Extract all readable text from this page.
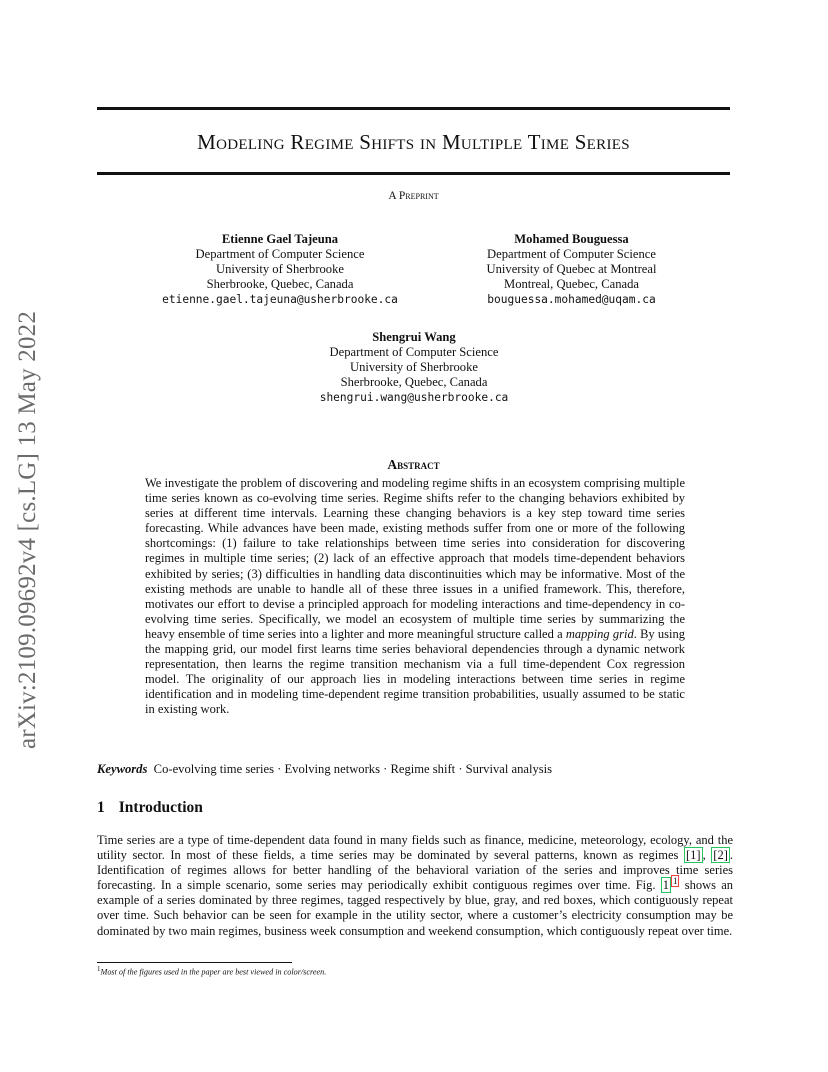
arXiv:2109.09692v4 [cs.LG] 13 May 2022
Modeling Regime Shifts in Multiple Time Series
A Preprint
Etienne Gael Tajeuna
Department of Computer Science
University of Sherbrooke
Sherbrooke, Quebec, Canada
etienne.gael.tajeuna@usherbrooke.ca
Mohamed Bouguessa
Department of Computer Science
University of Quebec at Montreal
Montreal, Quebec, Canada
bouguessa.mohamed@uqam.ca
Shengrui Wang
Department of Computer Science
University of Sherbrooke
Sherbrooke, Quebec, Canada
shengrui.wang@usherbrooke.ca
Abstract
We investigate the problem of discovering and modeling regime shifts in an ecosystem comprising multiple time series known as co-evolving time series. Regime shifts refer to the changing behaviors exhibited by series at different time intervals. Learning these changing behaviors is a key step toward time series forecasting. While advances have been made, existing methods suffer from one or more of the following shortcomings: (1) failure to take relationships between time series into consideration for discovering regimes in multiple time series; (2) lack of an effective approach that models time-dependent behaviors exhibited by series; (3) difficulties in handling data discontinuities which may be informative. Most of the existing methods are unable to handle all of these three issues in a unified framework. This, therefore, motivates our effort to devise a principled approach for modeling interactions and time-dependency in co-evolving time series. Specifically, we model an ecosystem of multiple time series by summarizing the heavy ensemble of time series into a lighter and more meaningful structure called a mapping grid. By using the mapping grid, our model first learns time series behavioral dependencies through a dynamic network representation, then learns the regime transition mechanism via a full time-dependent Cox regression model. The originality of our approach lies in modeling interactions between time series in regime identification and in modeling time-dependent regime transition probabilities, usually assumed to be static in existing work.
Keywords Co-evolving time series · Evolving networks · Regime shift · Survival analysis
1 Introduction
Time series are a type of time-dependent data found in many fields such as finance, medicine, meteorology, ecology, and the utility sector. In most of these fields, a time series may be dominated by several patterns, known as regimes [1] , [2] . Identification of regimes allows for better handling of the behavioral variation of the series and improves time series forecasting. In a simple scenario, some series may periodically exhibit contiguous regimes over time. Fig. 1 $^1$ shows an example of a series dominated by three regimes, tagged respectively by blue, gray, and red boxes, which contiguously repeat over time. Such behavior can be seen for example in the utility sector, where a customer’s electricity consumption may be dominated by two main regimes, business week consumption and weekend consumption, which contiguously repeat over time.
$^1$Most of the figures used in the paper are best viewed in color/screen.
